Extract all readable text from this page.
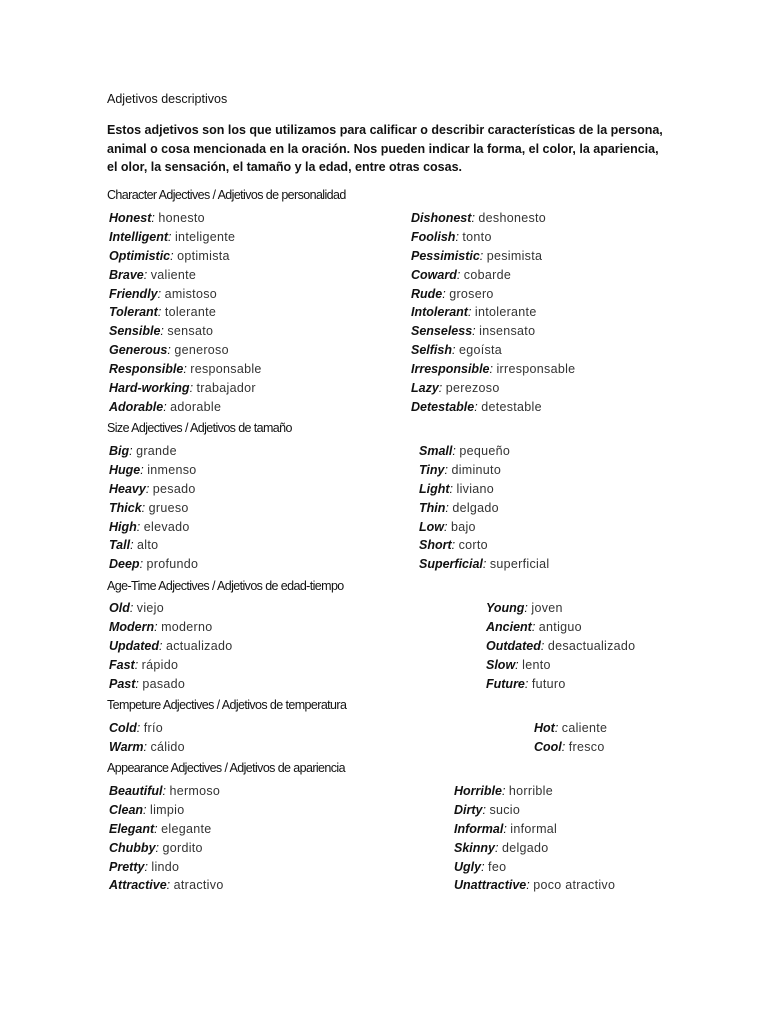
Adjetivos descriptivos
Estos adjetivos son los que utilizamos para calificar o describir características de la persona, animal o cosa mencionada en la oración. Nos pueden indicar la forma, el color, la apariencia, el olor, la sensación, el tamaño y la edad, entre otras cosas.
Character Adjectives / Adjetivos de personalidad
Honest: honesto
Intelligent: inteligente
Optimistic: optimista
Brave: valiente
Friendly: amistoso
Tolerant: tolerante
Sensible: sensato
Generous: generoso
Responsible: responsable
Hard-working: trabajador
Adorable: adorable
Dishonest: deshonesto
Foolish: tonto
Pessimistic: pesimista
Coward: cobarde
Rude: grosero
Intolerant: intolerante
Senseless: insensato
Selfish: egoísta
Irresponsible: irresponsable
Lazy: perezoso
Detestable: detestable
Size Adjectives / Adjetivos de tamaño
Big: grande
Huge: inmenso
Heavy: pesado
Thick: grueso
High: elevado
Tall: alto
Deep: profundo
Small: pequeño
Tiny: diminuto
Light: liviano
Thin: delgado
Low: bajo
Short: corto
Superficial: superficial
Age-Time Adjectives / Adjetivos de edad-tiempo
Old: viejo
Modern: moderno
Updated: actualizado
Fast: rápido
Past: pasado
Young: joven
Ancient: antiguo
Outdated: desactualizado
Slow: lento
Future: futuro
Tempeture Adjectives / Adjetivos de temperatura
Cold: frío
Warm: cálido
Hot: caliente
Cool: fresco
Appearance Adjectives / Adjetivos de apariencia
Beautiful: hermoso
Clean: limpio
Elegant: elegante
Chubby: gordito
Pretty: lindo
Attractive: atractivo
Horrible: horrible
Dirty: sucio
Informal: informal
Skinny: delgado
Ugly: feo
Unattractive: poco atractivo
